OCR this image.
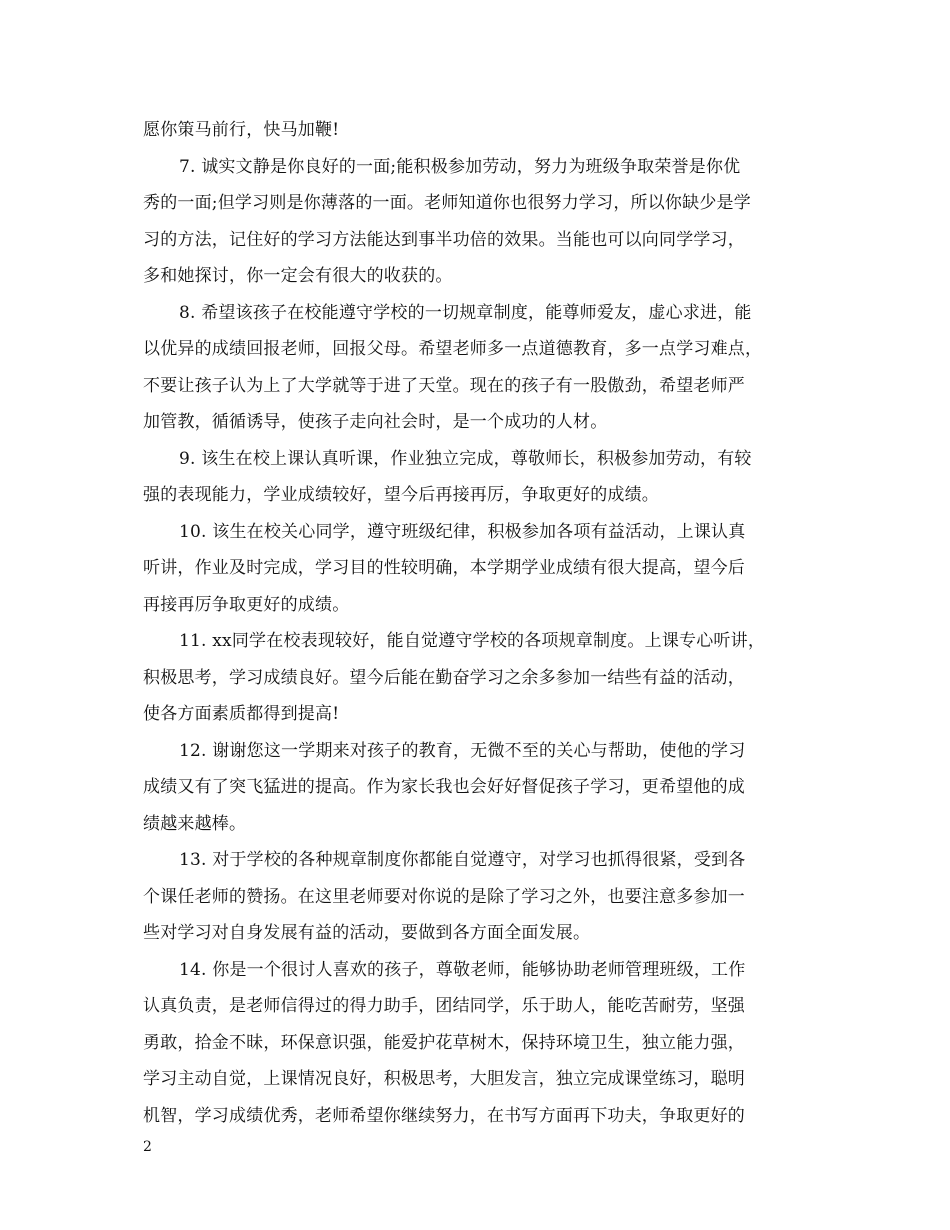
愿你策马前行，快马加鞭!
7. 诚实文静是你良好的一面;能积极参加劳动，努力为班级争取荣誉是你优
秀的一面;但学习则是你薄落的一面。老师知道你也很努力学习，所以你缺少是学
习的方法，记住好的学习方法能达到事半功倍的效果。当能也可以向同学学习，
多和她探讨，你一定会有很大的收获的。
8. 希望该孩子在校能遵守学校的一切规章制度，能尊师爱友，虚心求进，能
以优异的成绩回报老师，回报父母。希望老师多一点道德教育，多一点学习难点，
不要让孩子认为上了大学就等于进了天堂。现在的孩子有一股傲劲，希望老师严
加管教，循循诱导，使孩子走向社会时，是一个成功的人材。
9. 该生在校上课认真听课，作业独立完成，尊敬师长，积极参加劳动，有较
强的表现能力，学业成绩较好，望今后再接再厉，争取更好的成绩。
10. 该生在校关心同学，遵守班级纪律，积极参加各项有益活动，上课认真
听讲，作业及时完成，学习目的性较明确，本学期学业成绩有很大提高，望今后
再接再厉争取更好的成绩。
11. xx同学在校表现较好，能自觉遵守学校的各项规章制度。上课专心听讲，
积极思考，学习成绩良好。望今后能在勤奋学习之余多参加一结些有益的活动，
使各方面素质都得到提高!
12. 谢谢您这一学期来对孩子的教育，无微不至的关心与帮助，使他的学习
成绩又有了突飞猛进的提高。作为家长我也会好好督促孩子学习，更希望他的成
绩越来越棒。
13. 对于学校的各种规章制度你都能自觉遵守，对学习也抓得很紧，受到各
个课任老师的赞扬。在这里老师要对你说的是除了学习之外，也要注意多参加一
些对学习对自身发展有益的活动，要做到各方面全面发展。
14. 你是一个很讨人喜欢的孩子，尊敬老师，能够协助老师管理班级，工作
认真负责，是老师信得过的得力助手，团结同学，乐于助人，能吃苦耐劳，坚强
勇敢，拾金不昧，环保意识强，能爱护花草树木，保持环境卫生，独立能力强，
学习主动自觉，上课情况良好，积极思考，大胆发言，独立完成课堂练习，聪明
机智，学习成绩优秀，老师希望你继续努力，在书写方面再下功夫，争取更好的
2
